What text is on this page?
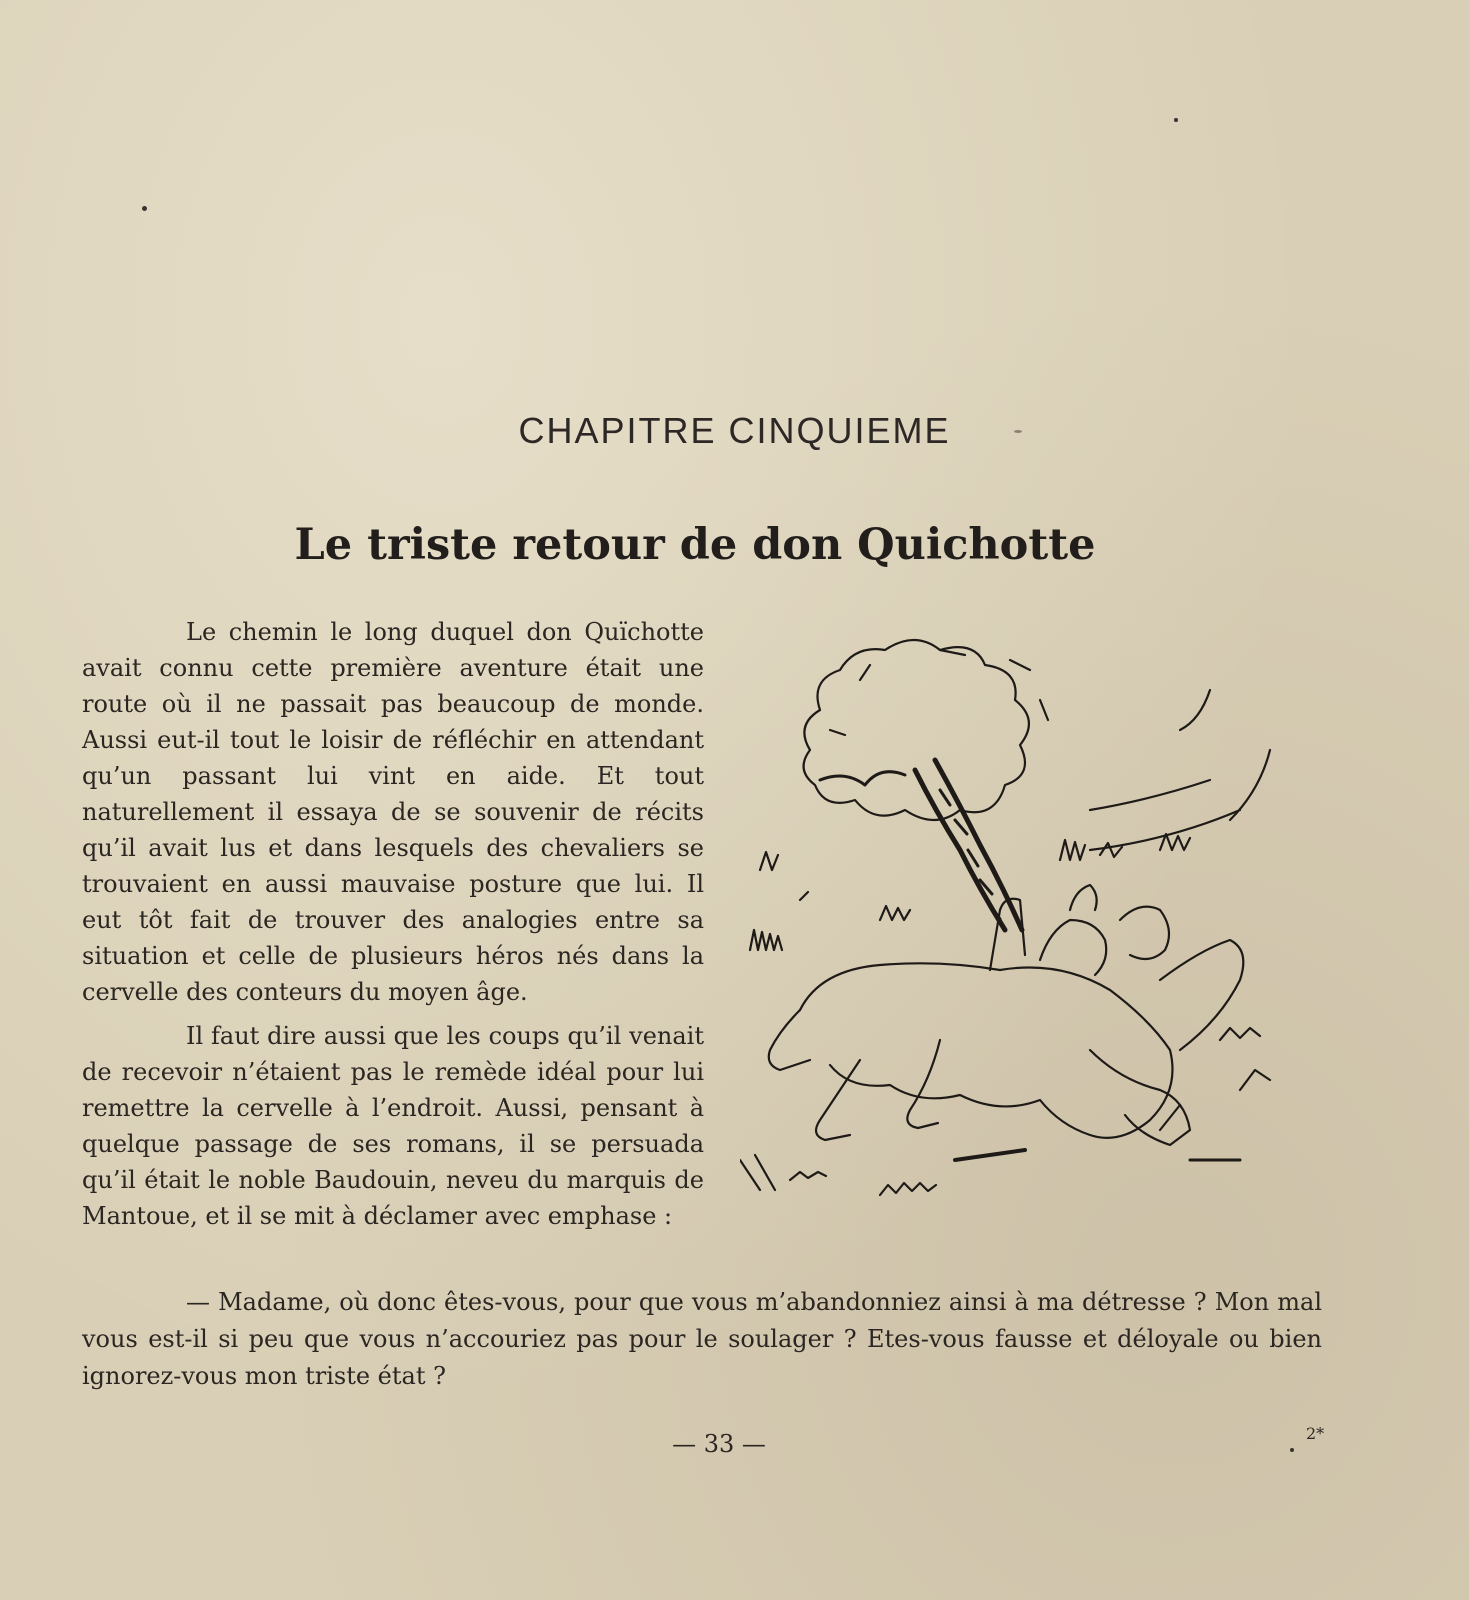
CHAPITRE CINQUIEME
Le triste retour de don Quichotte

Le chemin le long duquel don Quïchotte avait connu cette première aventure était une route où il ne passait pas beaucoup de monde. Aussi eut-il tout le loisir de réfléchir en attendant qu’un passant lui vint en aide. Et tout naturellement il essaya de se souvenir de récits qu’il avait lus et dans lesquels des chevaliers se trouvaient en aussi mauvaise posture que lui. Il eut tôt fait de trouver des analogies entre sa situation et celle de plusieurs héros nés dans la cervelle des conteurs du moyen âge.

Il faut dire aussi que les coups qu’il venait de recevoir n’étaient pas le remède idéal pour lui remettre la cervelle à l’endroit. Aussi, pensant à quelque passage de ses romans, il se persuada qu’il était le noble Baudouin, neveu du marquis de Mantoue, et il se mit à déclamer avec emphase :

— Madame, où donc êtes-vous, pour que vous m’abandonniez ainsi à ma détresse ? Mon mal vous est-il si peu que vous n’accouriez pas pour le soulager ? Etes-vous fausse et déloyale ou bien ignorez-vous mon triste état ?

— 33 —	2*
